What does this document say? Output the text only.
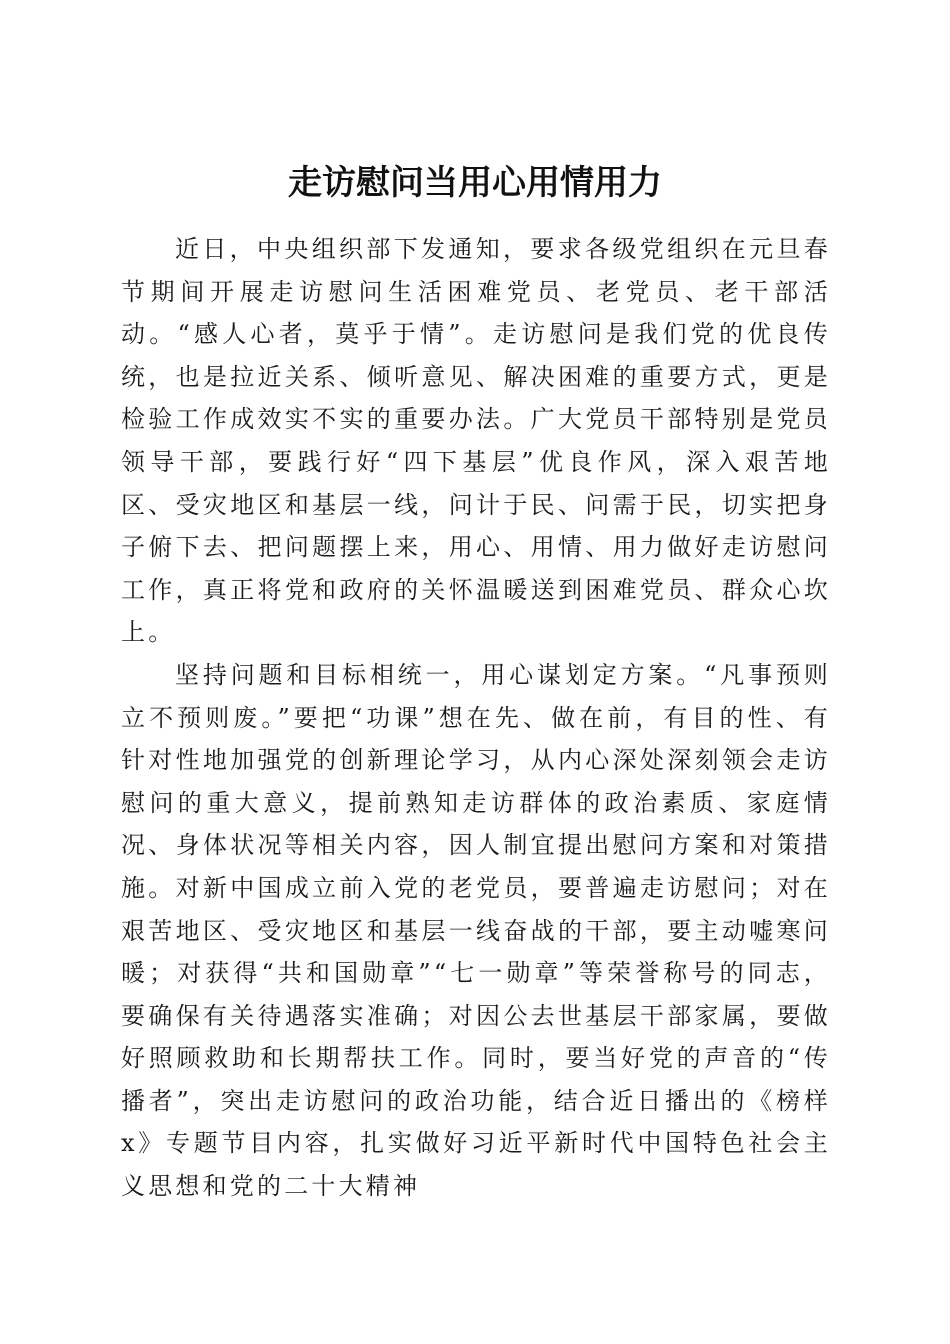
走访慰问当用心用情用力

近日，中央组织部下发通知，要求各级党组织在元旦春节期间开展走访慰问生活困难党员、老党员、老干部活动。“感人心者，莫乎于情”。走访慰问是我们党的优良传统，也是拉近关系、倾听意见、解决困难的重要方式，更是检验工作成效实不实的重要办法。广大党员干部特别是党员领导干部，要践行好“四下基层”优良作风，深入艰苦地区、受灾地区和基层一线，问计于民、问需于民，切实把身子俯下去、把问题摆上来，用心、用情、用力做好走访慰问工作，真正将党和政府的关怀温暖送到困难党员、群众心坎上。

坚持问题和目标相统一，用心谋划定方案。“凡事预则立不预则废。”要把“功课”想在先、做在前，有目的性、有针对性地加强党的创新理论学习，从内心深处深刻领会走访慰问的重大意义，提前熟知走访群体的政治素质、家庭情况、身体状况等相关内容，因人制宜提出慰问方案和对策措施。对新中国成立前入党的老党员，要普遍走访慰问；对在艰苦地区、受灾地区和基层一线奋战的干部，要主动嘘寒问暖；对获得“共和国勋章”“七一勋章”等荣誉称号的同志，要确保有关待遇落实准确；对因公去世基层干部家属，要做好照顾救助和长期帮扶工作。同时，要当好党的声音的“传播者”，突出走访慰问的政治功能，结合近日播出的《榜样 x》专题节目内容，扎实做好习近平新时代中国特色社会主义思想和党的二十大精神
